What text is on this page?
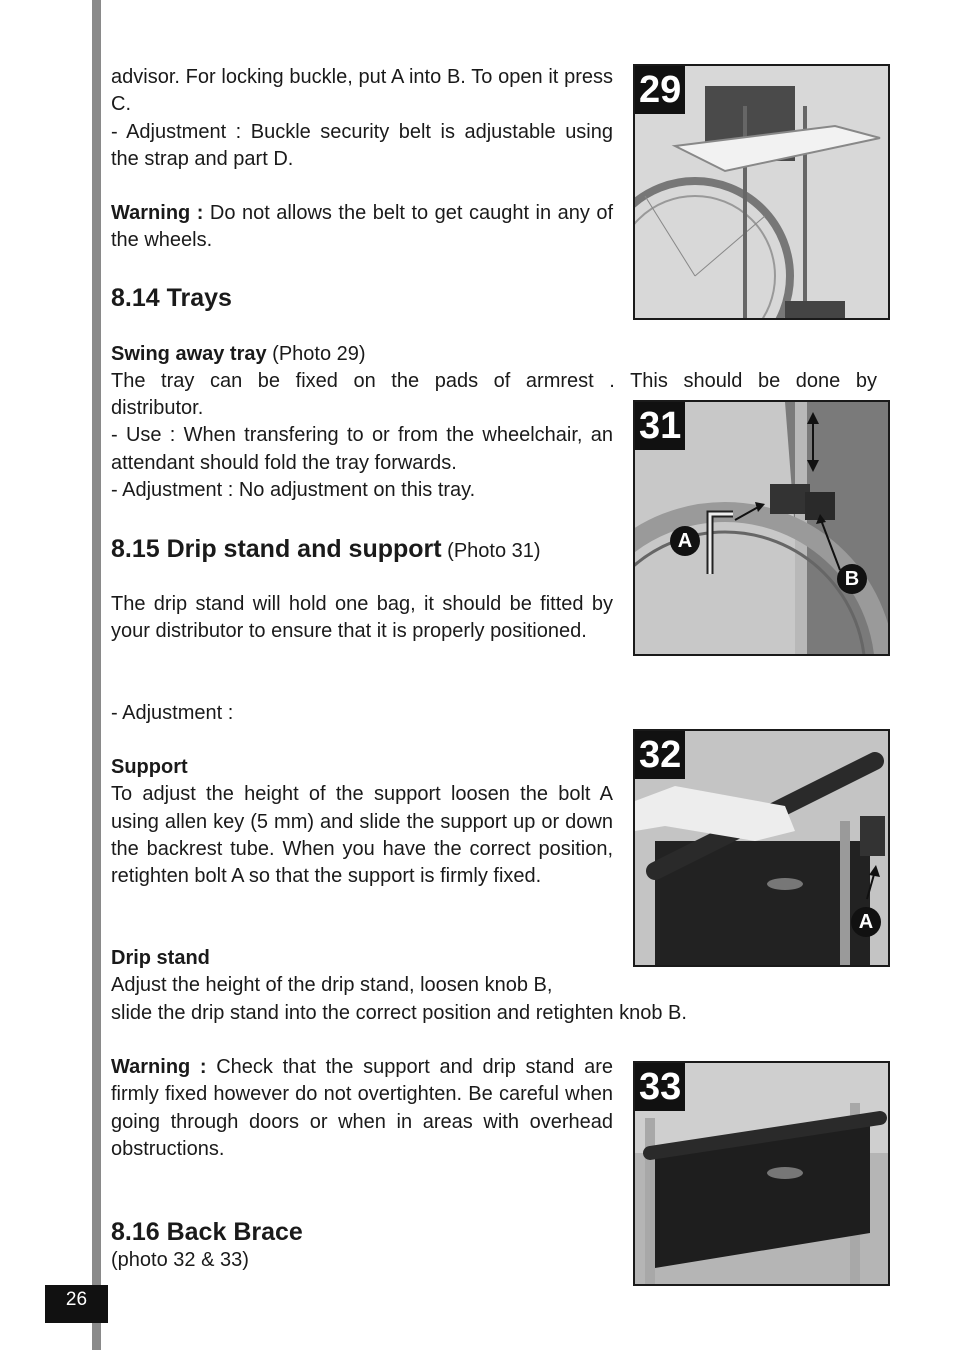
advisor. For locking buckle, put A into B. To open it press C.
- Adjustment : Buckle security belt is adjustable using the strap and part D.

Warning : Do not allows the belt to get caught in any of the wheels.

8.14 Trays

Swing away tray (Photo 29)

The tray can be fixed on the pads of armrest . This should be done by

distributor.
- Use : When transfering to or from the wheelchair, an attendant should fold the tray forwards.
- Adjustment : No adjustment on this tray.

8.15 Drip stand and support (Photo 31)

The drip stand will hold one bag, it should be fitted by your distributor to ensure that it is properly positioned.

- Adjustment :

Support
To adjust the height of the support loosen the bolt A using allen key (5 mm) and slide the support up or down the backrest tube. When you have the correct position, retighten bolt A so that the support is firmly fixed.

Drip stand
Adjust the height of the drip stand, loosen knob B,
slide the drip stand into the correct position and retighten knob B.

Warning : Check that the support and drip stand are firmly fixed however do not overtighten. Be careful when going through doors or when in areas with overhead obstructions.

8.16 Back Brace

(photo 32 & 33)

26
29
31
A
B
32
A
33
